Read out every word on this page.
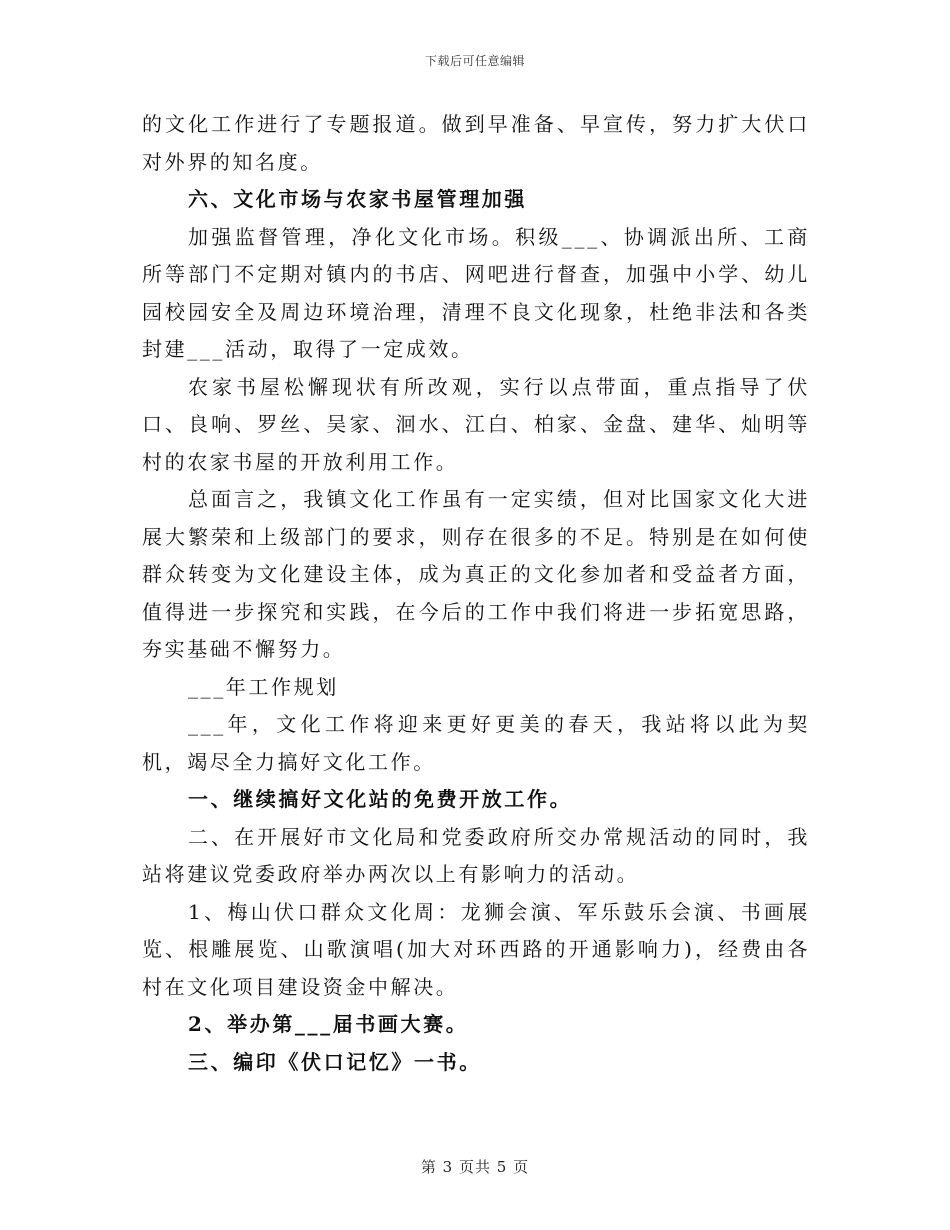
下载后可任意编辑

的文化工作进行了专题报道。做到早准备、早宣传，努力扩大伏口对外界的知名度。

六、文化市场与农家书屋管理加强

加强监督管理，净化文化市场。积级___、协调派出所、工商所等部门不定期对镇内的书店、网吧进行督查，加强中小学、幼儿园校园安全及周边环境治理，清理不良文化现象，杜绝非法和各类封建___活动，取得了一定成效。

农家书屋松懈现状有所改观，实行以点带面，重点指导了伏口、良响、罗丝、吴家、洄水、江白、柏家、金盘、建华、灿明等村的农家书屋的开放利用工作。

总面言之，我镇文化工作虽有一定实绩，但对比国家文化大进展大繁荣和上级部门的要求，则存在很多的不足。特别是在如何使群众转变为文化建设主体，成为真正的文化参加者和受益者方面，值得进一步探究和实践，在今后的工作中我们将进一步拓宽思路，夯实基础不懈努力。

___年工作规划

___年，文化工作将迎来更好更美的春天，我站将以此为契机，竭尽全力搞好文化工作。

一、继续搞好文化站的免费开放工作。

二、在开展好市文化局和党委政府所交办常规活动的同时，我站将建议党委政府举办两次以上有影响力的活动。

1、梅山伏口群众文化周：龙狮会演、军乐鼓乐会演、书画展览、根雕展览、山歌演唱(加大对环西路的开通影响力)，经费由各村在文化项目建设资金中解决。

2、举办第___届书画大赛。

三、编印《伏口记忆》一书。

第 3 页共 5 页
